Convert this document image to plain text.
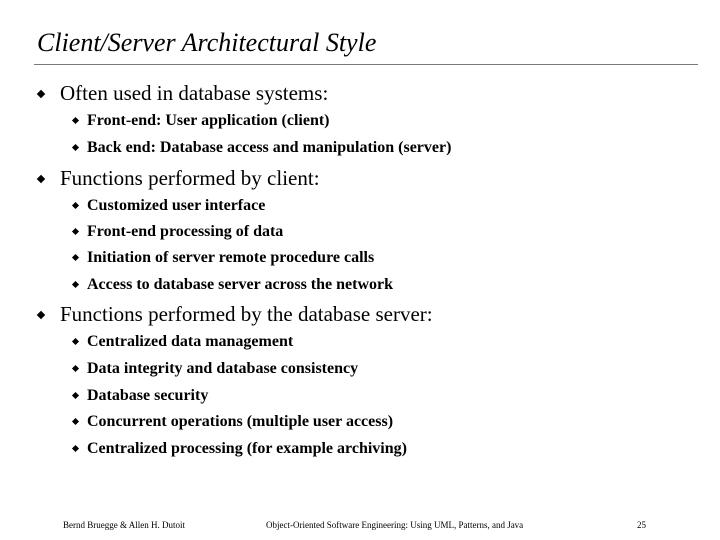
Client/Server Architectural Style
Often used in database systems:
Front-end: User application (client)
Back end: Database access and manipulation (server)
Functions performed by client:
Customized user interface
Front-end processing of data
Initiation of server remote procedure calls
Access to database server across the network
Functions performed by the database server:
Centralized data management
Data integrity and database consistency
Database security
Concurrent operations (multiple user access)
Centralized processing (for example archiving)
Bernd Bruegge & Allen H. Dutoit	Object-Oriented Software Engineering: Using UML, Patterns, and Java	25
